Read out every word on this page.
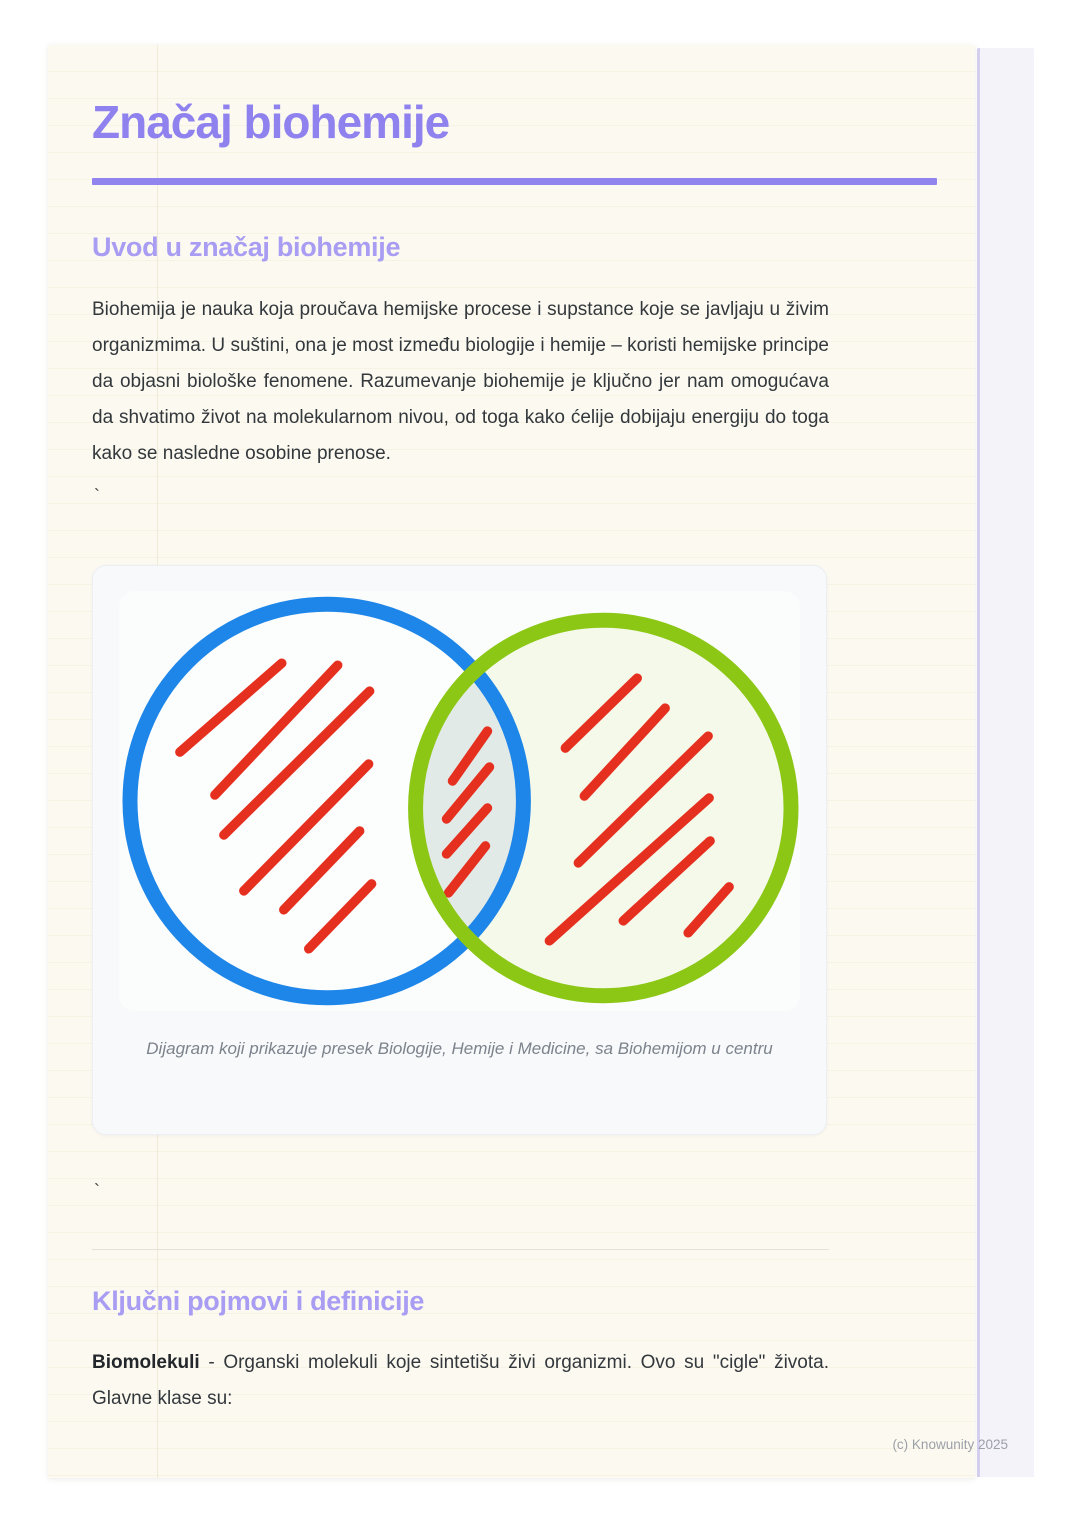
Značaj biohemije
Uvod u značaj biohemije

Biohemija je nauka koja proučava hemijske procese i supstance koje se javljaju u živim organizmima. U suštini, ona je most između biologije i hemije – koristi hemijske principe da objasni biološke fenomene. Razumevanje biohemije je ključno jer nam omogućava da shvatimo život na molekularnom nivou, od toga kako ćelije dobijaju energiju do toga kako se nasledne osobine prenose.

`
Dijagram koji prikazuje presek Biologije, Hemije i Medicine, sa Biohemijom u centru
`
Ključni pojmovi i definicije

Biomolekuli - Organski molekuli koje sintetišu živi organizmi. Ovo su "cigle" života. Glavne klase su:

(c) Knowunity 2025
